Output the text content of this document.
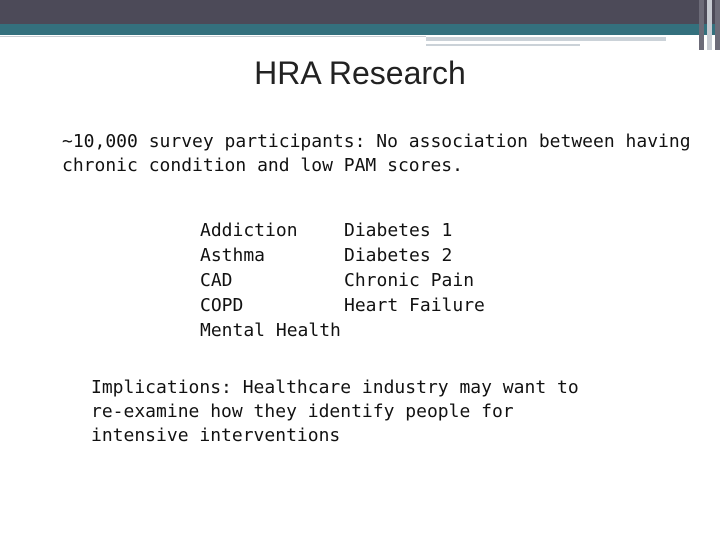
HRA Research
~10,000 survey participants: No association between having chronic condition and low PAM scores.
Addiction	Diabetes 1
Asthma	Diabetes 2
CAD	Chronic Pain
COPD	Heart Failure
Mental Health
Implications: Healthcare industry may want to re-examine how they identify people for intensive interventions
